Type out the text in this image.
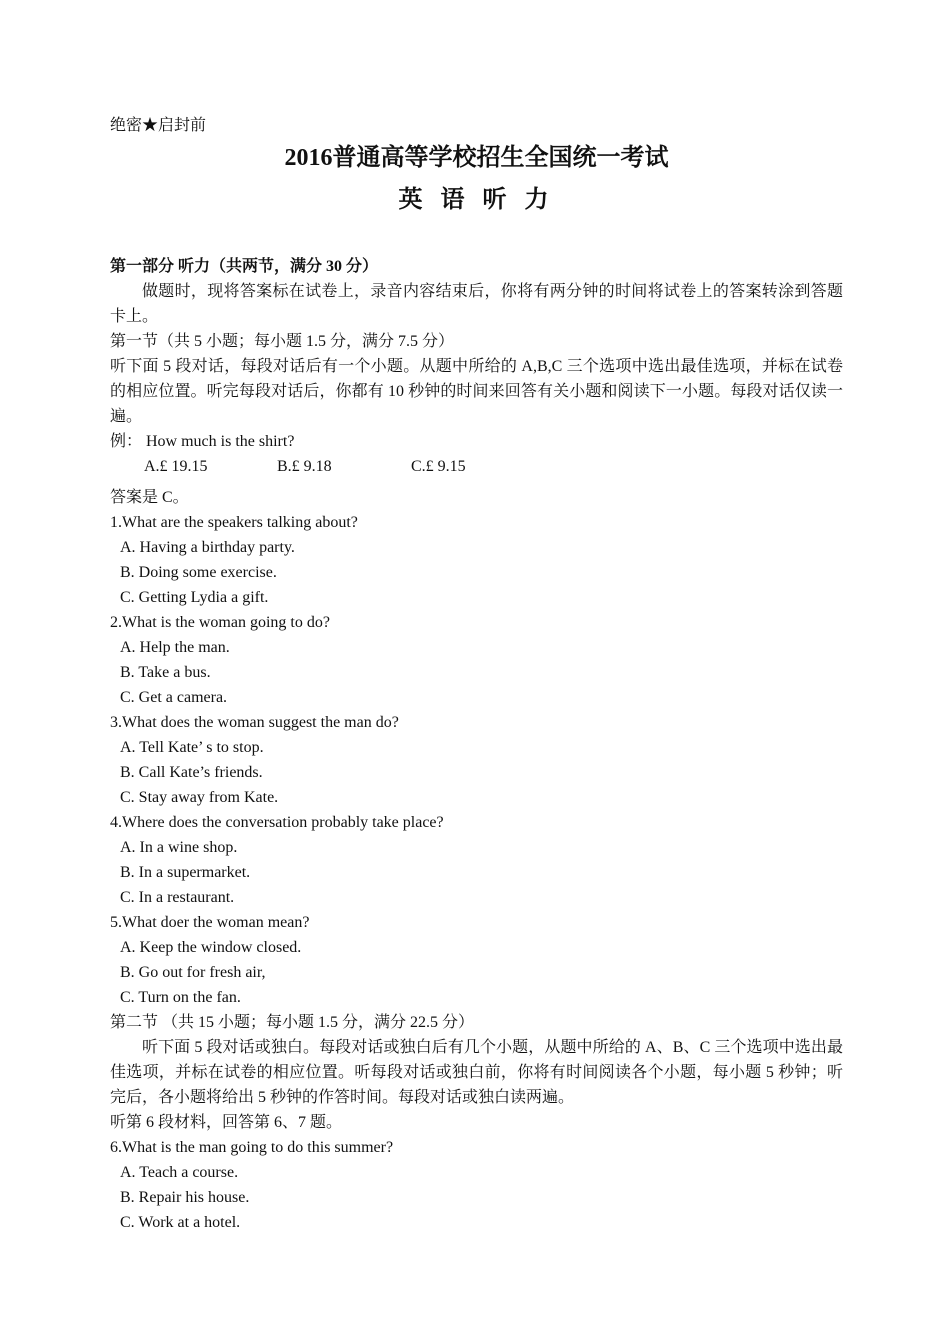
绝密★启封前
2016普通高等学校招生全国统一考试
英 语 听 力
第一部分 听力（共两节，满分 30 分）
做题时，现将答案标在试卷上，录音内容结束后，你将有两分钟的时间将试卷上的答案转涂到答题卡上。
第一节（共 5 小题；每小题 1.5 分，满分 7.5 分）
听下面 5 段对话，每段对话后有一个小题。从题中所给的 A,B,C 三个选项中选出最佳选项，并标在试卷的相应位置。听完每段对话后，你都有 10 秒钟的时间来回答有关小题和阅读下一小题。每段对话仅读一遍。
例： How much is the shirt?
A.£ 19.15	B.£ 9.18	C.£ 9.15
答案是 C。
1.What are the speakers talking about?
A. Having a birthday party.
B. Doing some exercise.
C. Getting Lydia a gift.
2.What is the woman going to do?
A. Help the man.
B. Take a bus.
C. Get a camera.
3.What does the woman suggest the man do?
A. Tell Kate’ s to stop.
B. Call Kate’s friends.
C. Stay away from Kate.
4.Where does the conversation probably take place?
A. In a wine shop.
B. In a supermarket.
C. In a restaurant.
5.What doer the woman mean?
A. Keep the window closed.
B. Go out for fresh air,
C. Turn on the fan.
第二节 （共 15 小题；每小题 1.5 分，满分 22.5 分）
听下面 5 段对话或独白。每段对话或独白后有几个小题，从题中所给的 A、B、C 三个选项中选出最佳选项，并标在试卷的相应位置。听每段对话或独白前，你将有时间阅读各个小题，每小题 5 秒钟；听完后，各小题将给出 5 秒钟的作答时间。每段对话或独白读两遍。
听第 6 段材料，回答第 6、7 题。
6.What is the man going to do this summer?
A. Teach a course.
B. Repair his house.
C. Work at a hotel.
